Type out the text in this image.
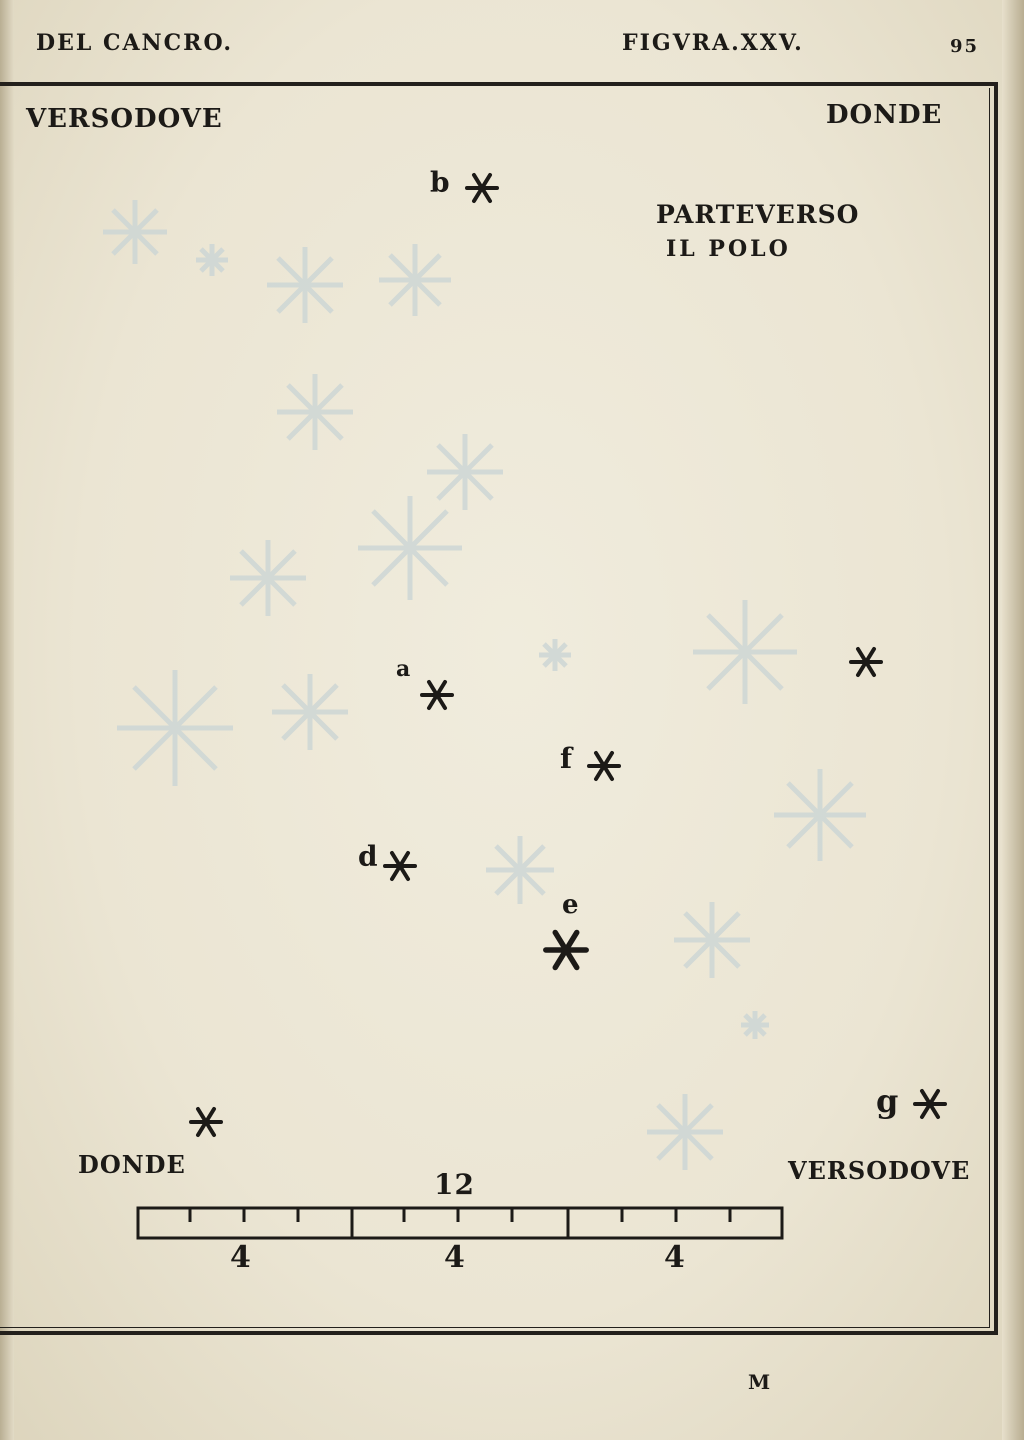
DEL CANCRO.	FIGVRA.XXV.	95
VERSODOVE	DONDE
PARTEVERSO
IL POLO
DONDE	VERSODOVE
b
a
f
d
e
g
12
4	4	4
M
